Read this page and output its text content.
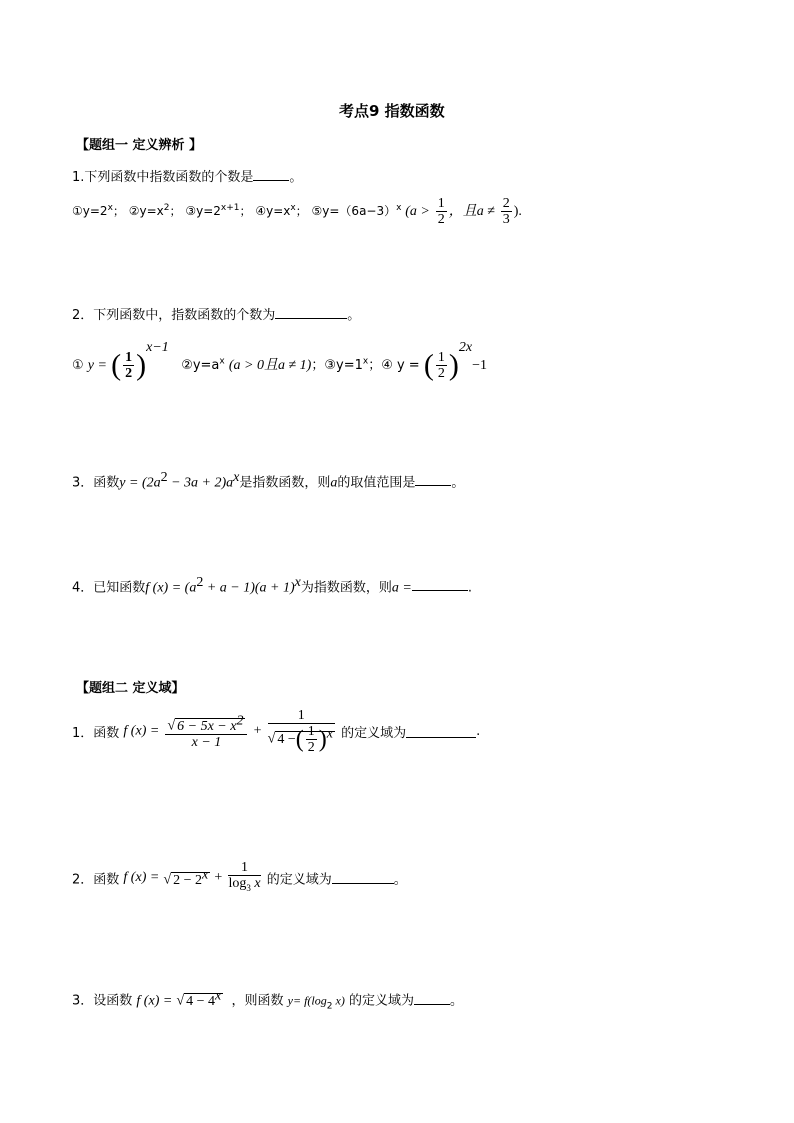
考点9 指数函数
【题组一 定义辨析 】
1.下列函数中指数函数的个数是	。
$①y=2^x$； $②y=x^2$； $③y=2^{x+1}$； $④y=x^x$； $⑤y=(6a-3)^x$ ($a > \frac{1}{2}$ ，且$a \ne \frac{2}{3}$ ).
2．下列函数中，指数函数的个数为	。
① y = ( $\frac{1}{2} )^{x-1}$   $②y=a^x$ (a > 0且a ≠ 1)；$③y=1^x$；④ y = ( $\frac{1}{2} )^{2x}-1$
3．函数$y = (2a^2 - 3a + 2)a^x$是指数函数，则a的取值范围是	。
4．已知函数f $(x) = (a^2 + a - 1)(a + 1)^x$为指数函数，则a =	.
【题组二 定义域】
1．函数 f $(x) = \frac{√ 6 - 5x - x^2}{x - 1} + \frac{1}{√ 4 -( \frac{1}{2} )^x}$ 的定义域为	.
2．函数 f (x) = √ $2 - 2^x + \frac{1}{\log_3 x}$ 的定义域为	。
3．设函数 f (x) = √ $4 - 4^x$ ，则函数 $y= f(\log_2$ x) 的定义域为	。
